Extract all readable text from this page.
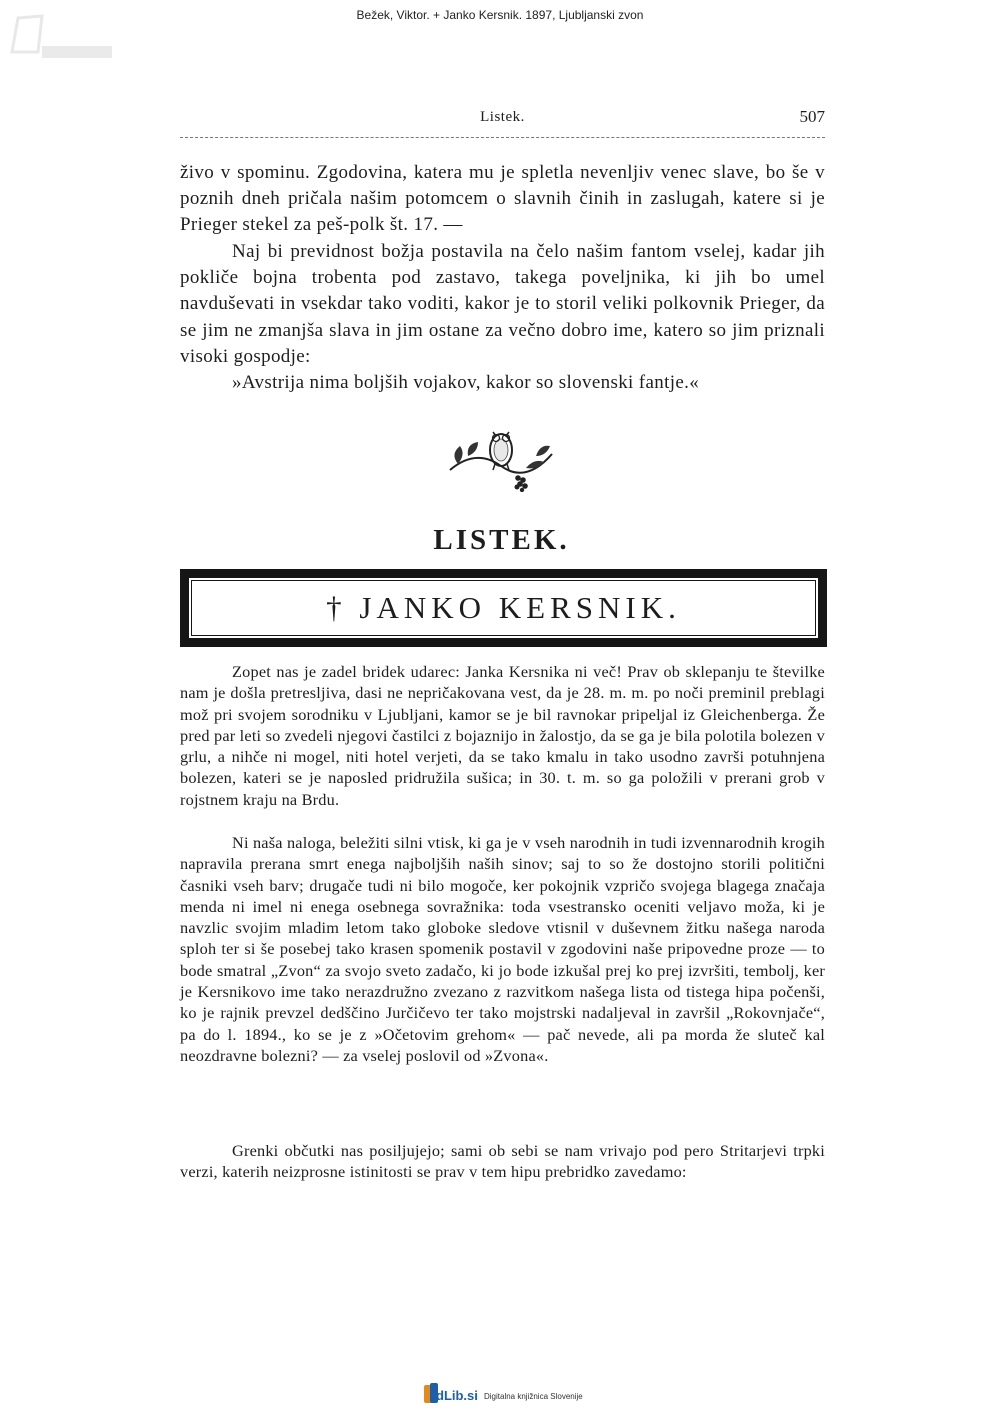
Bežek, Viktor. + Janko Kersnik. 1897, Ljubljanski zvon
Listek.	507

živo v spominu. Zgodovina, katera mu je spletla nevenljiv venec slave, bo še v poznih dneh pričala našim potomcem o slavnih činih in zaslugah, katere si je Prieger stekel za peš-polk št. 17. —

Naj bi previdnost božja postavila na čelo našim fantom vselej, kadar jih pokliče bojna trobenta pod zastavo, takega poveljnika, ki jih bo umel navduševati in vsekdar tako voditi, kakor je to storil veliki polkovnik Prieger, da se jim ne zmanjša slava in jim ostane za večno dobro ime, katero so jim priznali visoki gospodje:

»Avstrija nima boljših vojakov, kakor so slovenski fantje.«

LISTEK.
† JANKO KERSNIK.

Zopet nas je zadel bridek udarec: Janka Kersnika ni več! Prav ob sklepanju te številke nam je došla pretresljiva, dasi ne nepričakovana vest, da je 28. m. m. po noči preminil preblagi mož pri svojem sorodniku v Ljubljani, kamor se je bil ravnokar pripeljal iz Gleichenberga. Že pred par leti so zvedeli njegovi častilci z bojaznijo in žalostjo, da se ga je bila polotila bolezen v grlu, a nihče ni mogel, niti hotel verjeti, da se tako kmalu in tako usodno završi potuhnjena bolezen, kateri se je naposled pridružila sušica; in 30. t. m. so ga položili v prerani grob v rojstnem kraju na Brdu.

Ni naša naloga, beležiti silni vtisk, ki ga je v vseh narodnih in tudi izvennarodnih krogih napravila prerana smrt enega najboljših naših sinov; saj to so že dostojno storili politični časniki vseh barv; drugače tudi ni bilo mogoče, ker pokojnik vzpričo svojega blagega značaja menda ni imel ni enega osebnega sovražnika: toda vsestransko oceniti veljavo moža, ki je navzlic svojim mladim letom tako globoke sledove vtisnil v duševnem žitku našega naroda sploh ter si še posebej tako krasen spomenik postavil v zgodovini naše pripovedne proze — to bode smatral „Zvon“ za svojo sveto zadačo, ki jo bode izkušal prej ko prej izvršiti, tembolj, ker je Kersnikovo ime tako nerazdružno zvezano z razvitkom našega lista od tistega hipa počenši, ko je rajnik prevzel dedščino Jurčičevo ter tako mojstrski nadaljeval in završil „Rokovnjače“, pa do l. 1894., ko se je z »Očetovim grehom« — pač nevede, ali pa morda že sluteč kal neozdravne bolezni? — za vselej poslovil od »Zvona«.

Grenki občutki nas posiljujejo; sami ob sebi se nam vrivajo pod pero Stritarjevi trpki verzi, katerih neizprosne istinitosti se prav v tem hipu prebridko zavedamo:

dLib.si Digitalna knjižnica Slovenije
